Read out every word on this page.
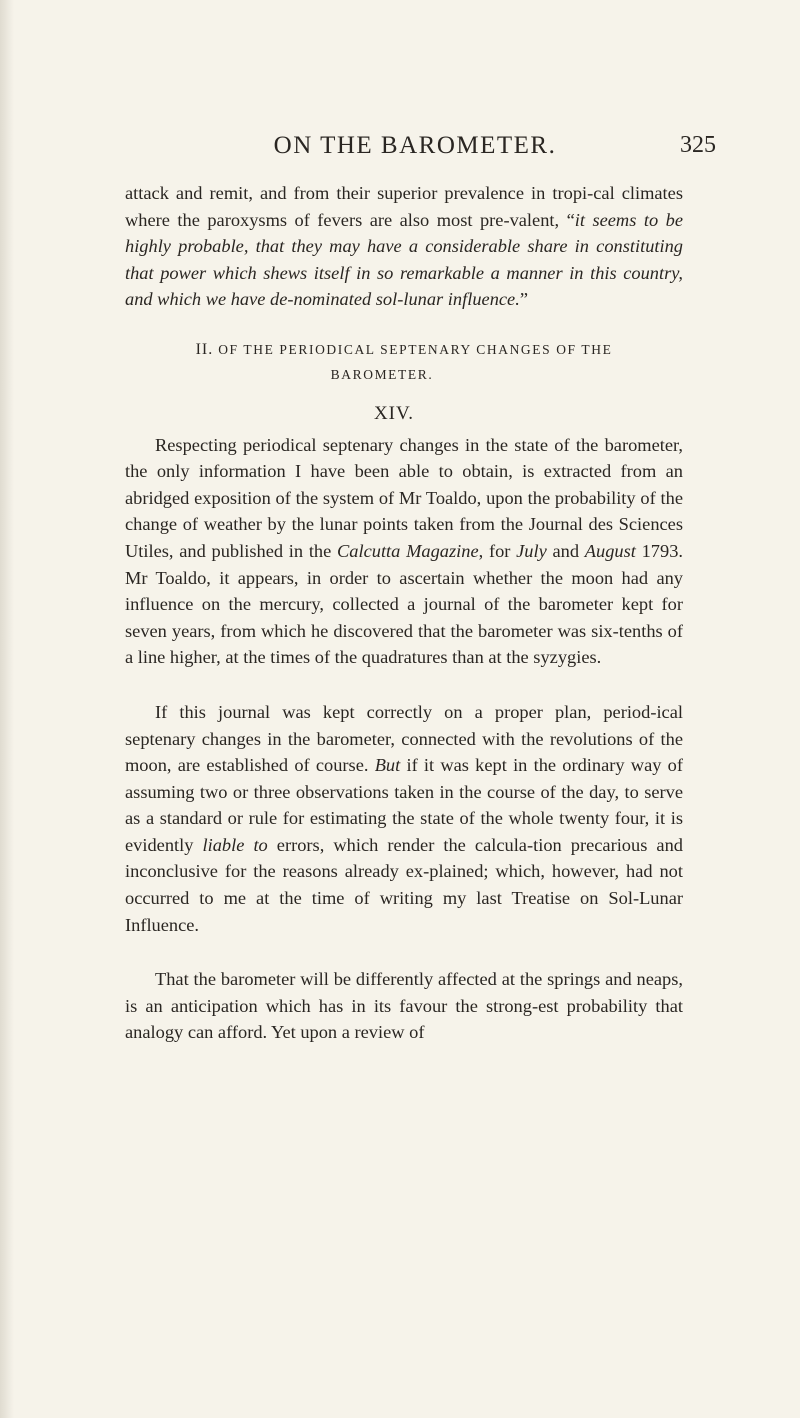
ON THE BAROMETER.	325

attack and remit, and from their superior prevalence in tropi-cal climates where the paroxysms of fevers are also most pre-valent, “it seems to be highly probable, that they may have a considerable share in constituting that power which shews itself in so remarkable a manner in this country, and which we have de-nominated sol-lunar influence.”

II. OF THE PERIODICAL SEPTENARY CHANGES OF THE
BAROMETER.
XIV.

Respecting periodical septenary changes in the state of the barometer, the only information I have been able to obtain, is extracted from an abridged exposition of the system of Mr Toaldo, upon the probability of the change of weather by the lunar points taken from the Journal des Sciences Utiles, and published in the Calcutta Magazine, for July and August 1793. Mr Toaldo, it appears, in order to ascertain whether the moon had any influence on the mercury, collected a journal of the barometer kept for seven years, from which he discovered that the barometer was six-tenths of a line higher, at the times of the quadratures than at the syzygies.

If this journal was kept correctly on a proper plan, period-ical septenary changes in the barometer, connected with the revolutions of the moon, are established of course. But if it was kept in the ordinary way of assuming two or three observations taken in the course of the day, to serve as a standard or rule for estimating the state of the whole twenty four, it is evidently liable to errors, which render the calcula-tion precarious and inconclusive for the reasons already ex-plained; which, however, had not occurred to me at the time of writing my last Treatise on Sol-Lunar Influence.

That the barometer will be differently affected at the springs and neaps, is an anticipation which has in its favour the strong-est probability that analogy can afford. Yet upon a review of
